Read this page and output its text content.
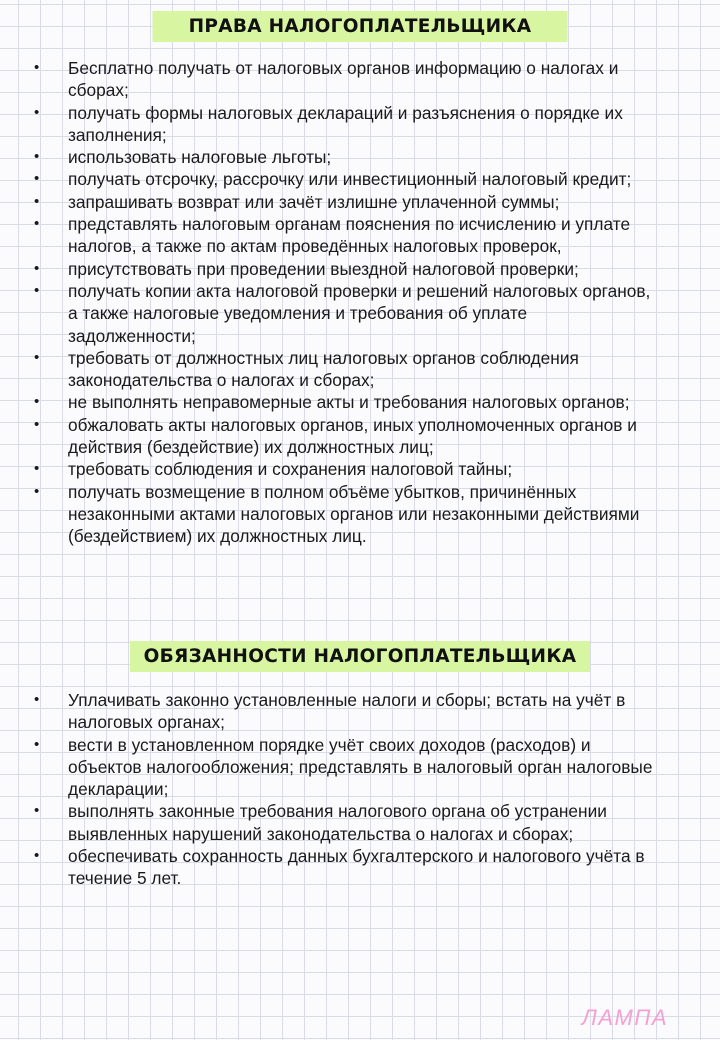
ПРАВА НАЛОГОПЛАТЕЛЬЩИКА
•	Бесплатно получать от налоговых органов информацию о налогах и сборах;
•	получать формы налоговых деклараций и разъяснения о порядке их заполнения;
•	использовать налоговые льготы;
•	получать отсрочку, рассрочку или инвестиционный налоговый кредит;
•	запрашивать возврат или зачёт излишне уплаченной суммы;
•	представлять налоговым органам пояснения по исчислению и уплате налогов, а также по актам проведённых налоговых проверок,
•	присутствовать при проведении выездной налоговой проверки;
•	получать копии акта налоговой проверки и решений налоговых органов, а также налоговые уведомления и требования об уплате задолженности;
•	требовать от должностных лиц налоговых органов соблюдения законодательства о налогах и сборах;
•	не выполнять неправомерные акты и требования налоговых органов;
•	обжаловать акты налоговых органов, иных уполномоченных органов и действия (бездействие) их должностных лиц;
•	требовать соблюдения и сохранения налоговой тайны;
•	получать возмещение в полном объёме убытков, причинённых незаконными актами налоговых органов или незаконными действиями (бездействием) их должностных лиц.
ОБЯЗАННОСТИ НАЛОГОПЛАТЕЛЬЩИКА
•	Уплачивать законно установленные налоги и сборы; встать на учёт в налоговых органах;
•	вести в установленном порядке учёт своих доходов (расходов) и объектов налогообложения; представлять в налоговый орган налоговые декларации;
•	выполнять законные требования налогового органа об устранении выявленных нарушений законодательства о налогах и сборах;
•	обеспечивать сохранность данных бухгалтерского и налогового учёта в течение 5 лет.
ЛАМПА
